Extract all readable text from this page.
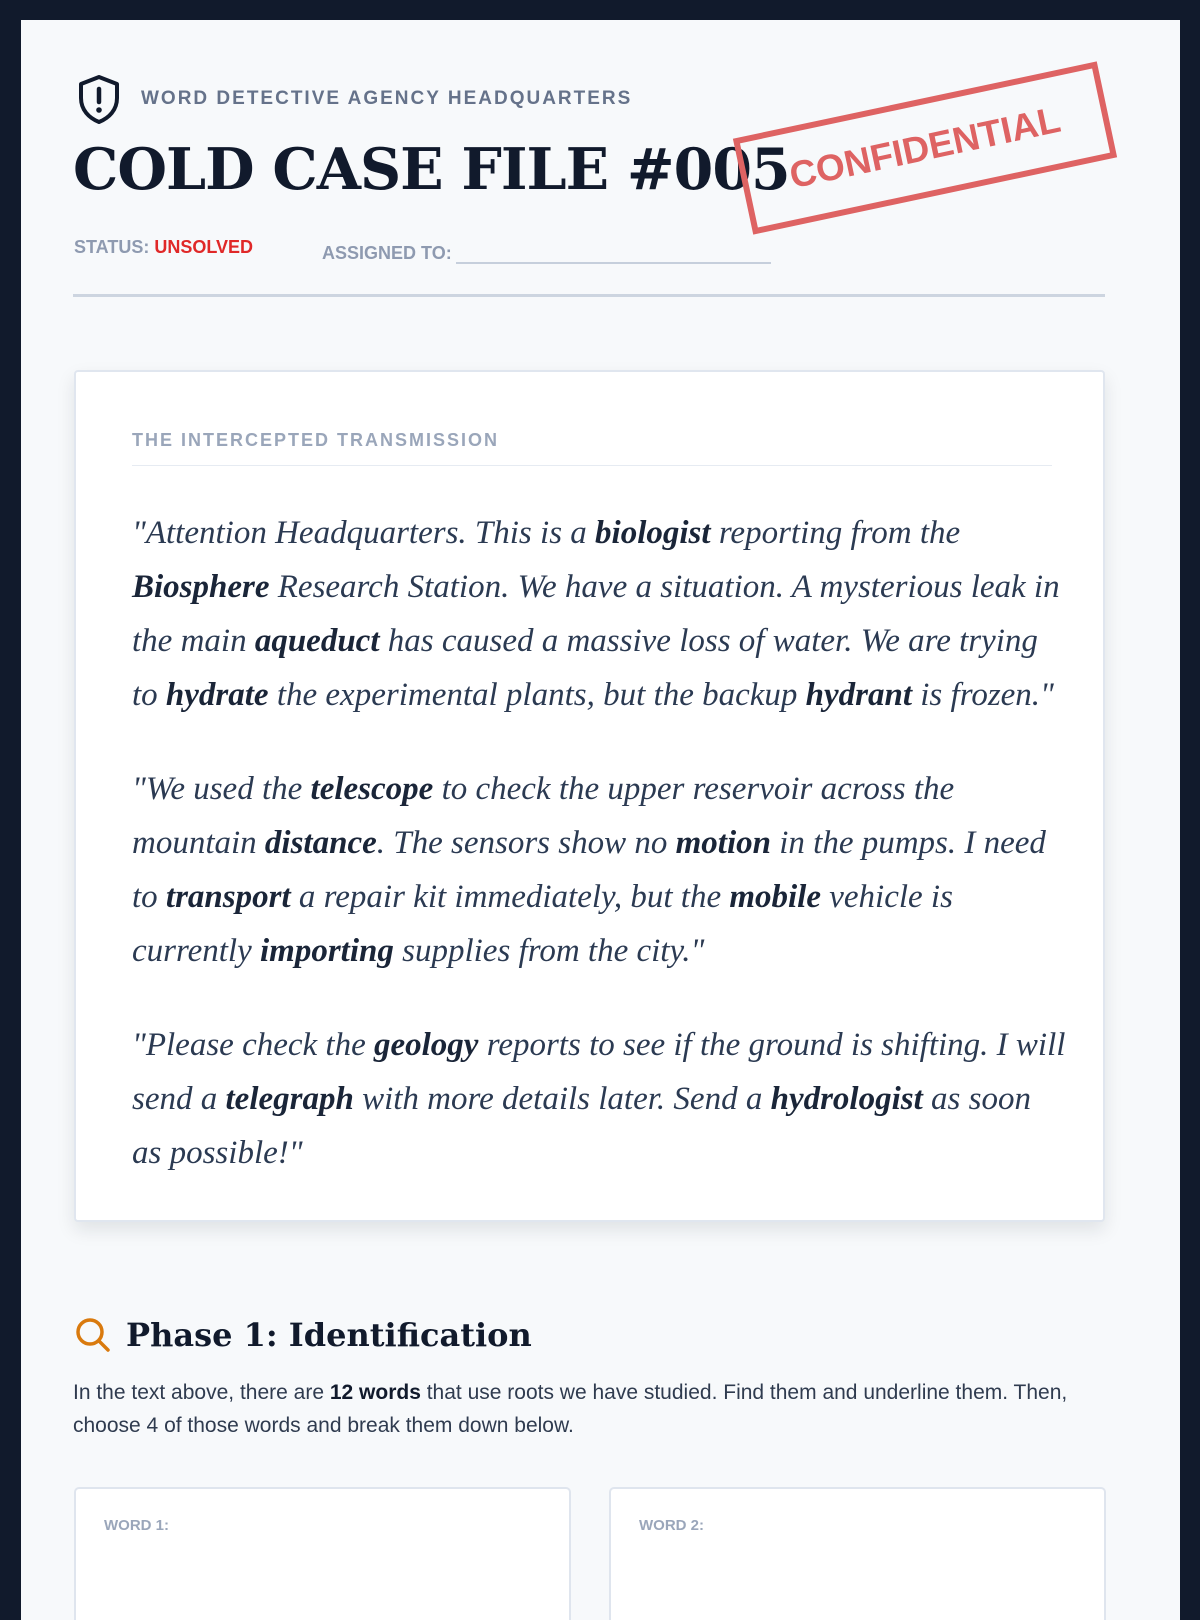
WORD DETECTIVE AGENCY HEADQUARTERS
COLD CASE FILE #005
CONFIDENTIAL
STATUS: UNSOLVED	ASSIGNED TO:
THE INTERCEPTED TRANSMISSION

"Attention Headquarters. This is a biologist reporting from the Biosphere Research Station. We have a situation. A mysterious leak in the main aqueduct has caused a massive loss of water. We are trying to hydrate the experimental plants, but the backup hydrant is frozen."

"We used the telescope to check the upper reservoir across the mountain distance. The sensors show no motion in the pumps. I need to transport a repair kit immediately, but the mobile vehicle is currently importing supplies from the city."

"Please check the geology reports to see if the ground is shifting. I will send a telegraph with more details later. Send a hydrologist as soon as possible!"

Phase 1: Identification

In the text above, there are 12 words that use roots we have studied. Find them and underline them. Then, choose 4 of those words and break them down below.

WORD 1:	WORD 2:
